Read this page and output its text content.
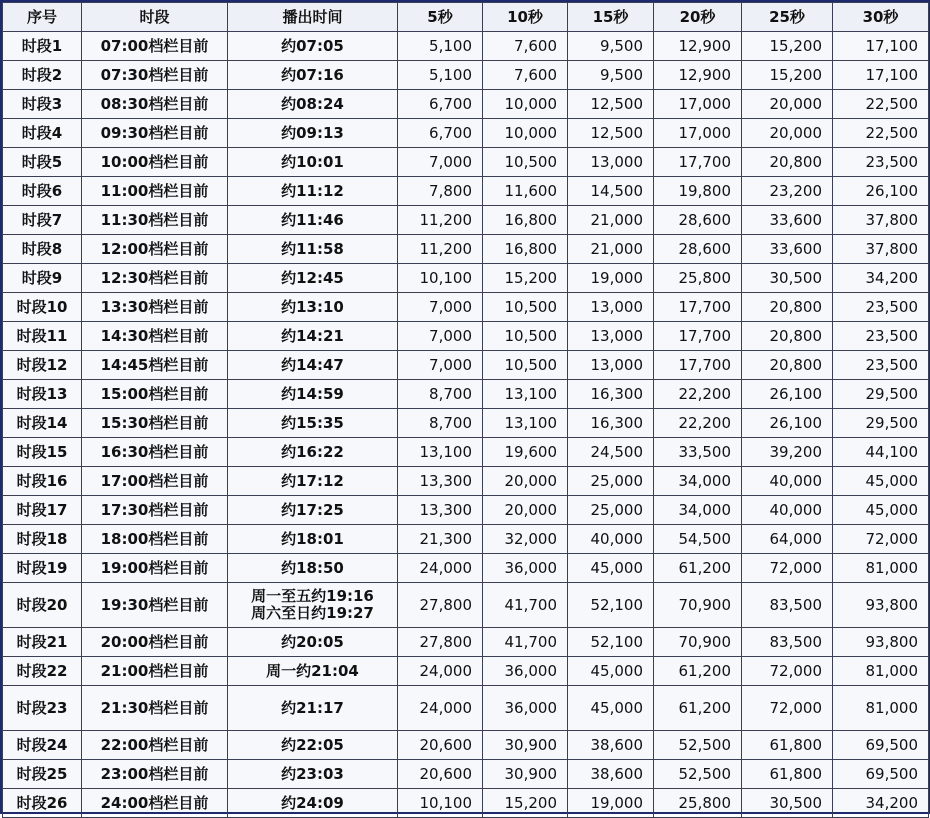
序号	时段	播出时间	5秒	10秒	15秒	20秒	25秒	30秒
时段1	07:00档栏目前	约07:05	5,100	7,600	9,500	12,900	15,200	17,100
时段2	07:30档栏目前	约07:16	5,100	7,600	9,500	12,900	15,200	17,100
时段3	08:30档栏目前	约08:24	6,700	10,000	12,500	17,000	20,000	22,500
时段4	09:30档栏目前	约09:13	6,700	10,000	12,500	17,000	20,000	22,500
时段5	10:00档栏目前	约10:01	7,000	10,500	13,000	17,700	20,800	23,500
时段6	11:00档栏目前	约11:12	7,800	11,600	14,500	19,800	23,200	26,100
时段7	11:30档栏目前	约11:46	11,200	16,800	21,000	28,600	33,600	37,800
时段8	12:00档栏目前	约11:58	11,200	16,800	21,000	28,600	33,600	37,800
时段9	12:30档栏目前	约12:45	10,100	15,200	19,000	25,800	30,500	34,200
时段10	13:30档栏目前	约13:10	7,000	10,500	13,000	17,700	20,800	23,500
时段11	14:30档栏目前	约14:21	7,000	10,500	13,000	17,700	20,800	23,500
时段12	14:45档栏目前	约14:47	7,000	10,500	13,000	17,700	20,800	23,500
时段13	15:00档栏目前	约14:59	8,700	13,100	16,300	22,200	26,100	29,500
时段14	15:30档栏目前	约15:35	8,700	13,100	16,300	22,200	26,100	29,500
时段15	16:30档栏目前	约16:22	13,100	19,600	24,500	33,500	39,200	44,100
时段16	17:00档栏目前	约17:12	13,300	20,000	25,000	34,000	40,000	45,000
时段17	17:30档栏目前	约17:25	13,300	20,000	25,000	34,000	40,000	45,000
时段18	18:00档栏目前	约18:01	21,300	32,000	40,000	54,500	64,000	72,000
时段19	19:00档栏目前	约18:50	24,000	36,000	45,000	61,200	72,000	81,000
时段20	19:30档栏目前	周一至五约19:16
周六至日约19:27	27,800	41,700	52,100	70,900	83,500	93,800
时段21	20:00档栏目前	约20:05	27,800	41,700	52,100	70,900	83,500	93,800
时段22	21:00档栏目前	周一约21:04	24,000	36,000	45,000	61,200	72,000	81,000
时段23	21:30档栏目前	约21:17	24,000	36,000	45,000	61,200	72,000	81,000
时段24	22:00档栏目前	约22:05	20,600	30,900	38,600	52,500	61,800	69,500
时段25	23:00档栏目前	约23:03	20,600	30,900	38,600	52,500	61,800	69,500
时段26	24:00档栏目前	约24:09	10,100	15,200	19,000	25,800	30,500	34,200
